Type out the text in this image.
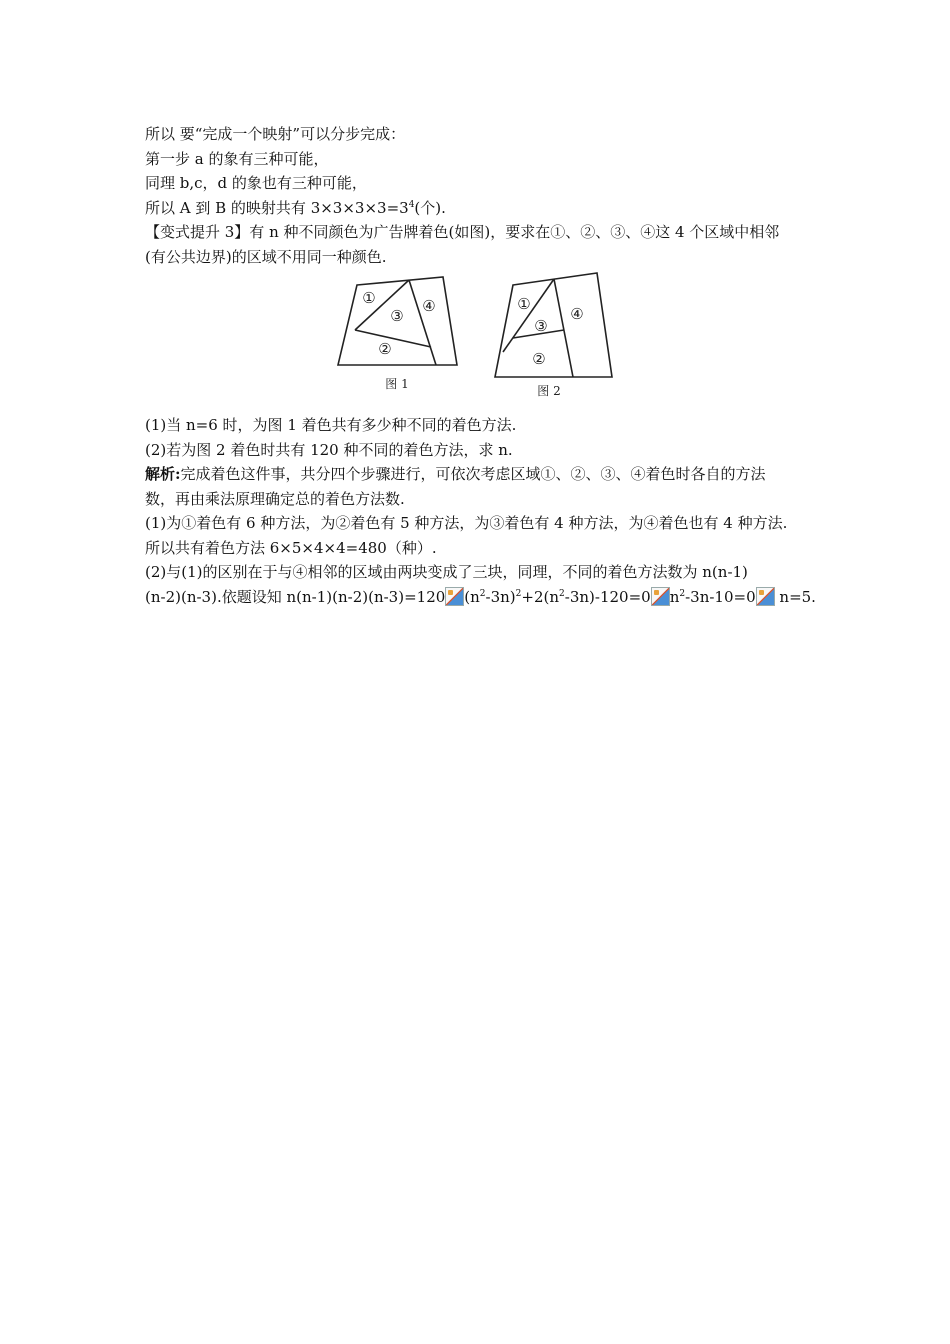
所以 要“完成一个映射”可以分步完成：
第一步 a 的象有三种可能，
同理 b,c，d 的象也有三种可能，
所以 A 到 B 的映射共有 $3\times 3\times 3\times 3=3^4$(个).
【变式提升 3】有 n 种不同颜色为广告牌着色(如图)，要求在①、②、③、④这 4 个区域中相邻
(有公共边界)的区域不用同一种颜色.
①
③
④
②
图 1
①
③
④
②
图 2
(1)当 n=6 时，为图 1 着色共有多少种不同的着色方法.
(2)若为图 2 着色时共有 120 种不同的着色方法，求 n.
解析:完成着色这件事，共分四个步骤进行，可依次考虑区域①、②、③、④着色时各自的方法
数，再由乘法原理确定总的着色方法数.
(1)为①着色有 6 种方法，为②着色有 5 种方法，为③着色有 4 种方法，为④着色也有 4 种方法.
所以共有着色方法 6×5×4×4=480（种）.
(2)与(1)的区别在于与④相邻的区域由两块变成了三块，同理，不同的着色方法数为 n(n-1)
(n-2)(n-3).依题设知 n(n-1)(n-2)(n-3)=120 $(n^2-3n)^2+2(n^2-3n)-120=0$ $n^2-3n-10=0$ n=5.
